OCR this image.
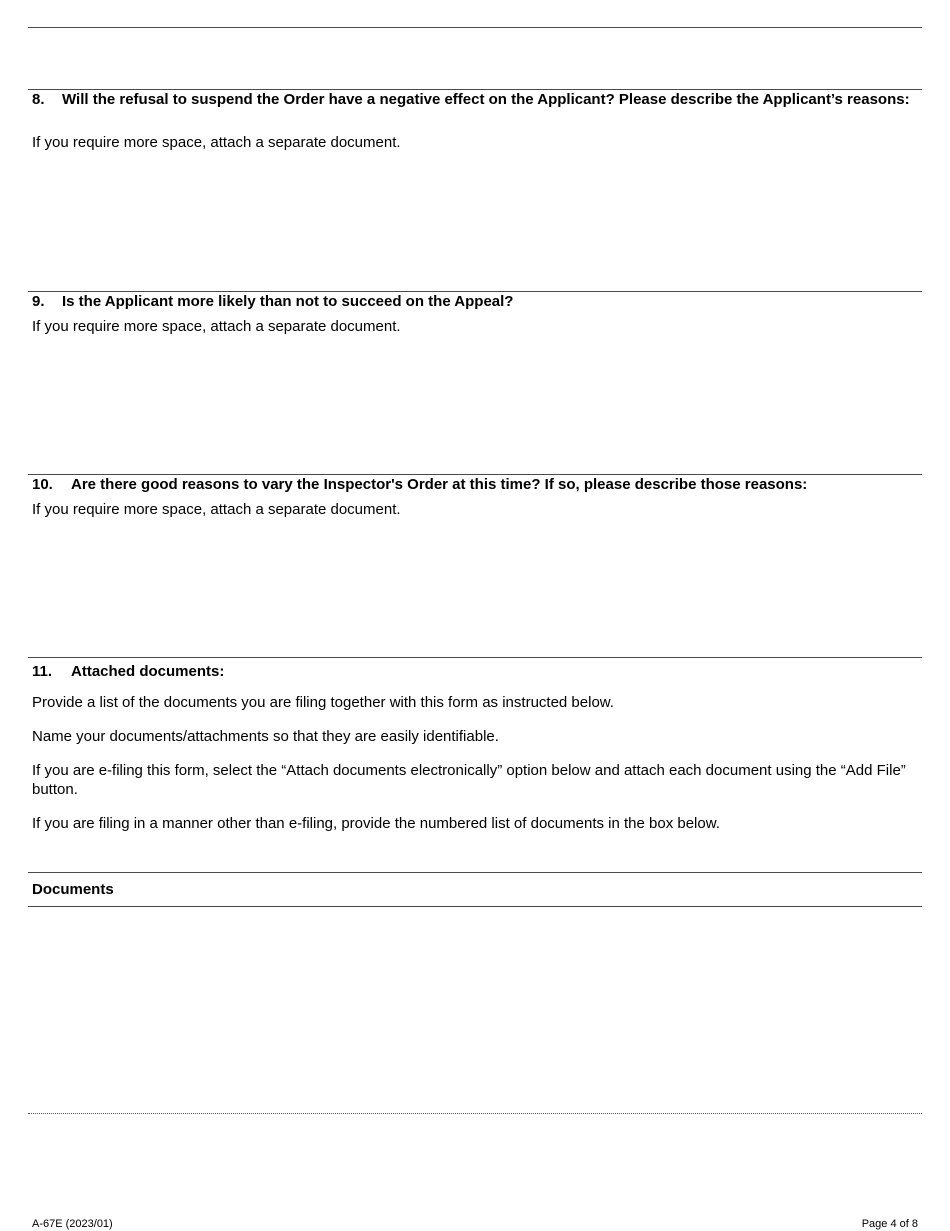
8. Will the refusal to suspend the Order have a negative effect on the Applicant? Please describe the Applicant’s reasons:
If you require more space, attach a separate document.
9. Is the Applicant more likely than not to succeed on the Appeal?
If you require more space, attach a separate document.
10. Are there good reasons to vary the Inspector's Order at this time? If so, please describe those reasons:
If you require more space, attach a separate document.
11. Attached documents:
Provide a list of the documents you are filing together with this form as instructed below.
Name your documents/attachments so that they are easily identifiable.
If you are e-filing this form, select the “Attach documents electronically” option below and attach each document using the “Add File” button.
If you are filing in a manner other than e-filing, provide the numbered list of documents in the box below.
Documents
A-67E (2023/01)	Page 4 of 8
